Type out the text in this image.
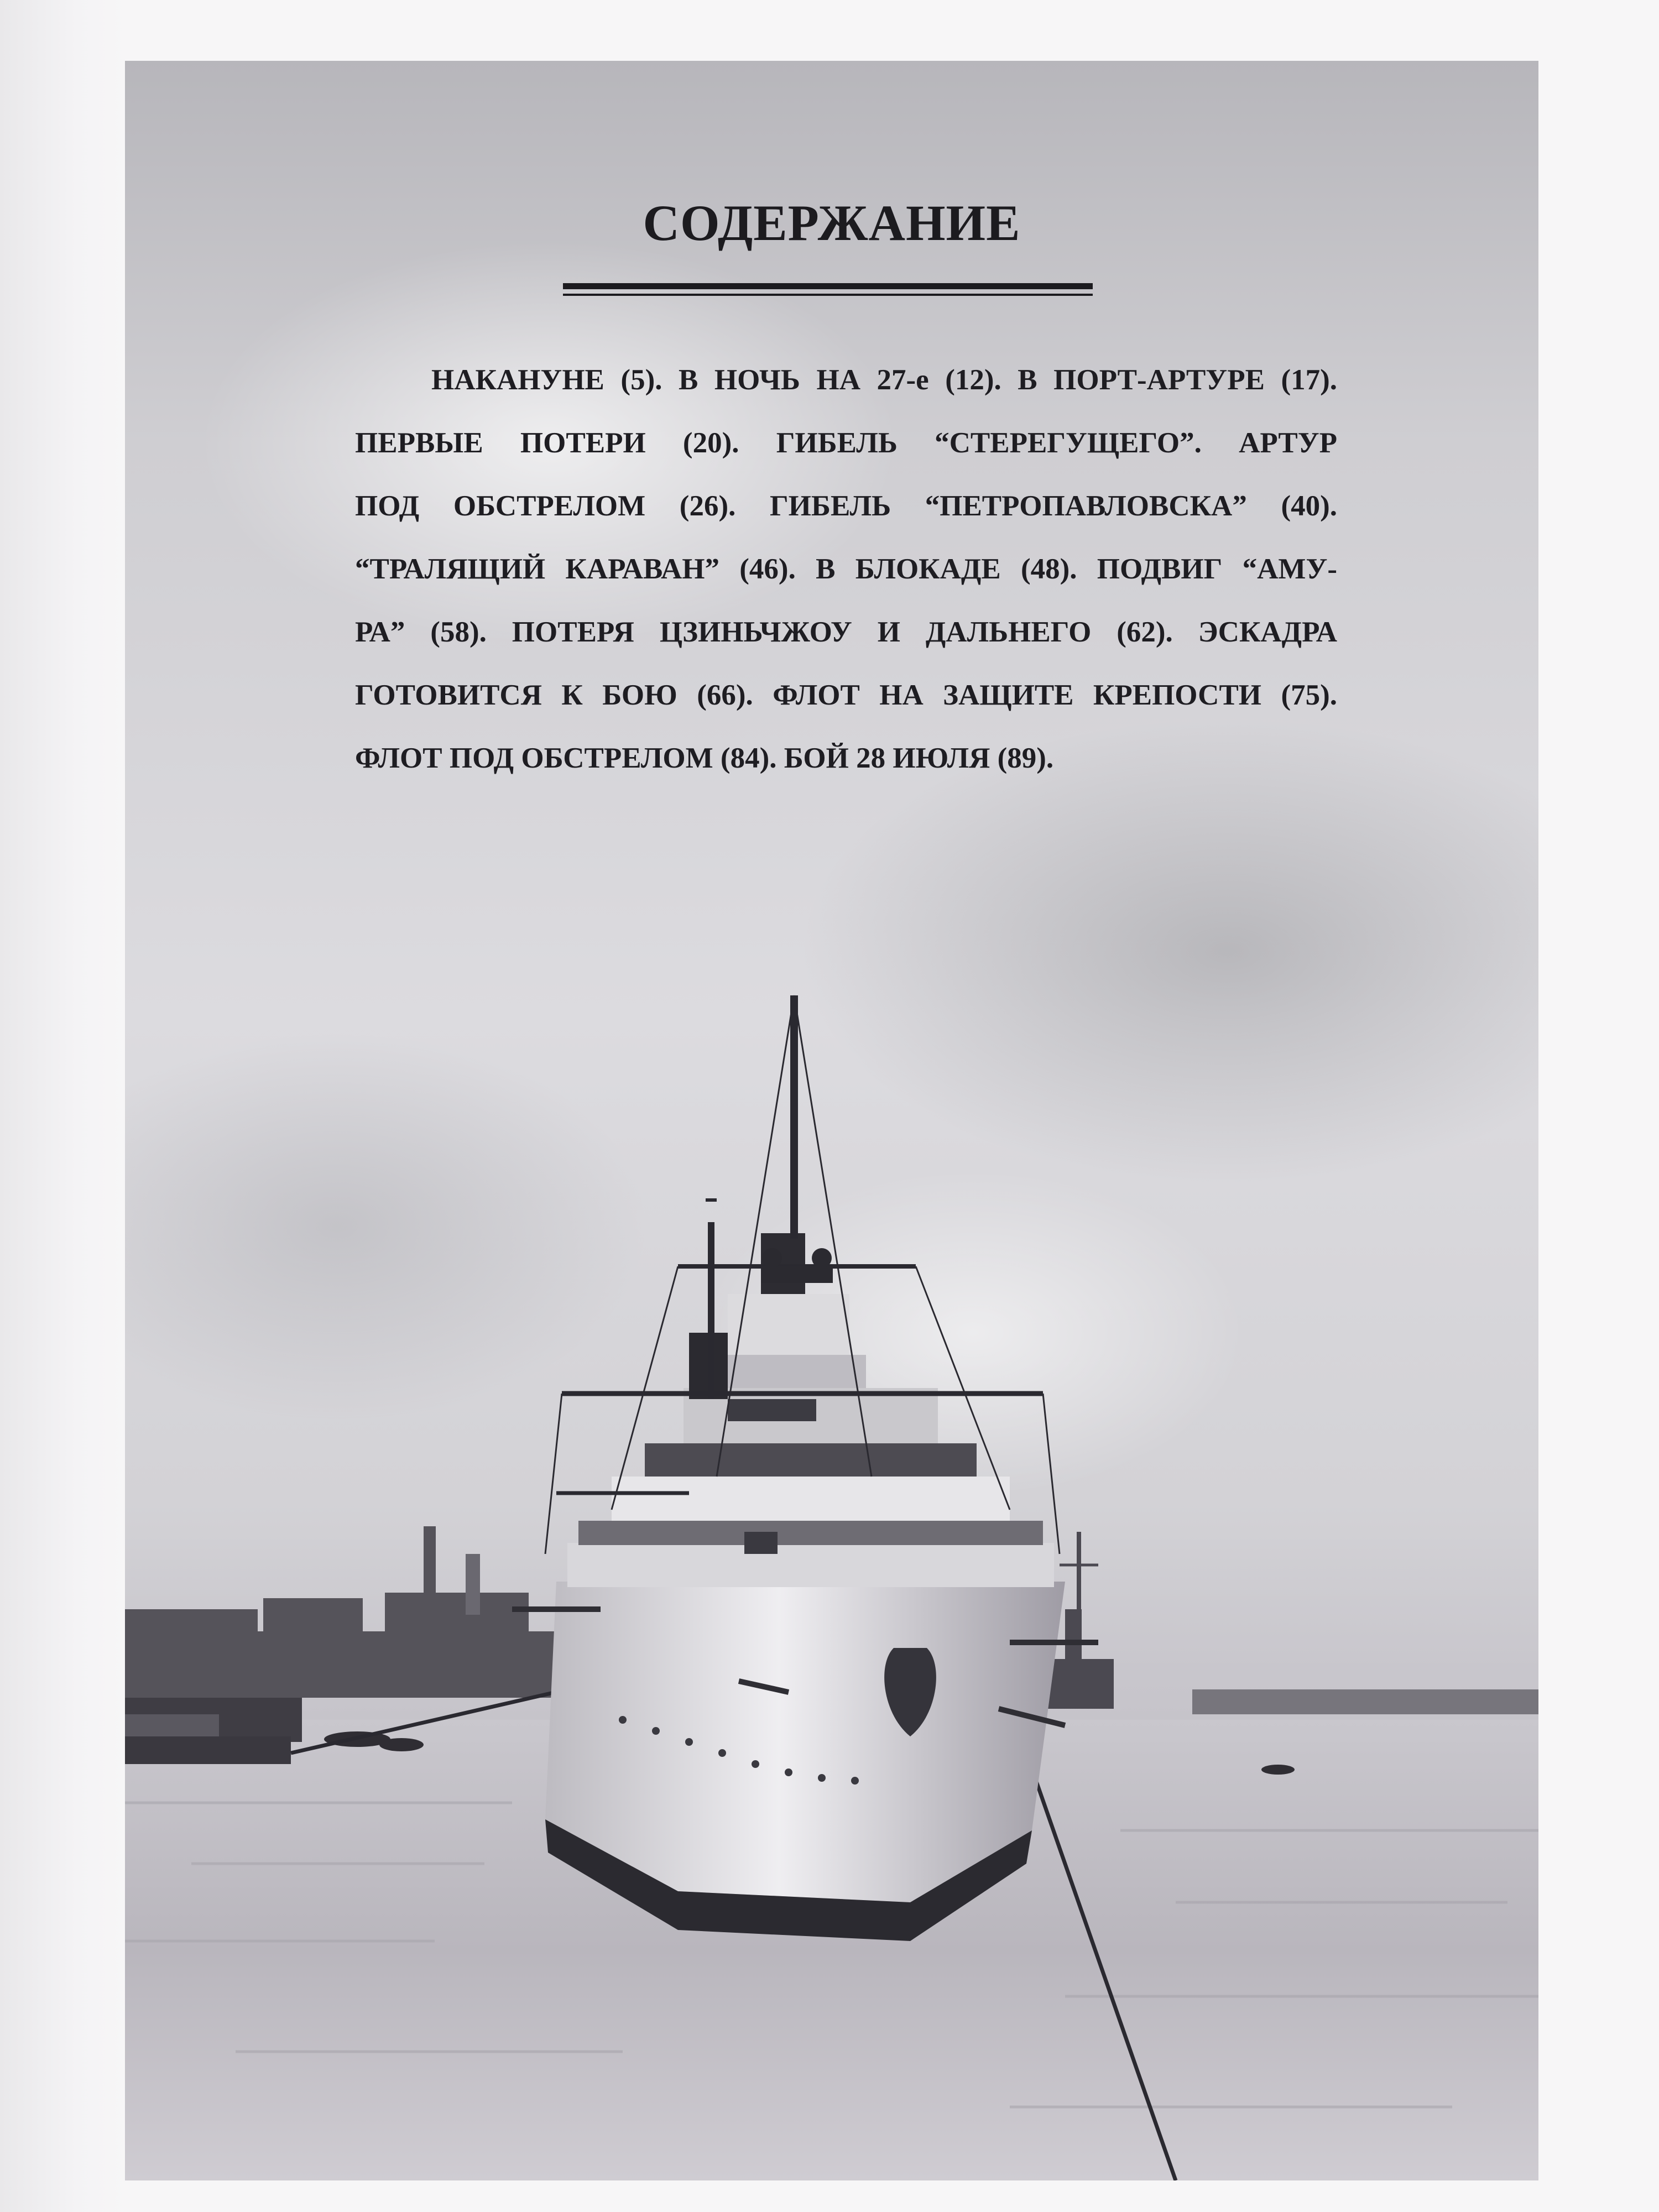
СОДЕРЖАНИЕ
НАКАНУНЕ (5). В НОЧЬ НА 27-е (12). В ПОРТ-АРТУРЕ (17).
ПЕРВЫЕ ПОТЕРИ (20). ГИБЕЛЬ “СТЕРЕГУЩЕГО”. АРТУР
ПОД ОБСТРЕЛОМ (26). ГИБЕЛЬ “ПЕТРОПАВЛОВСКА” (40).
“ТРАЛЯЩИЙ КАРАВАН” (46). В БЛОКАДЕ (48). ПОДВИГ “АМУ-
РА” (58). ПОТЕРЯ ЦЗИНЬЧЖОУ И ДАЛЬНЕГО (62). ЭСКАДРА
ГОТОВИТСЯ К БОЮ (66). ФЛОТ НА ЗАЩИТЕ КРЕПОСТИ (75).
ФЛОТ ПОД ОБСТРЕЛОМ (84). БОЙ 28 ИЮЛЯ (89).
